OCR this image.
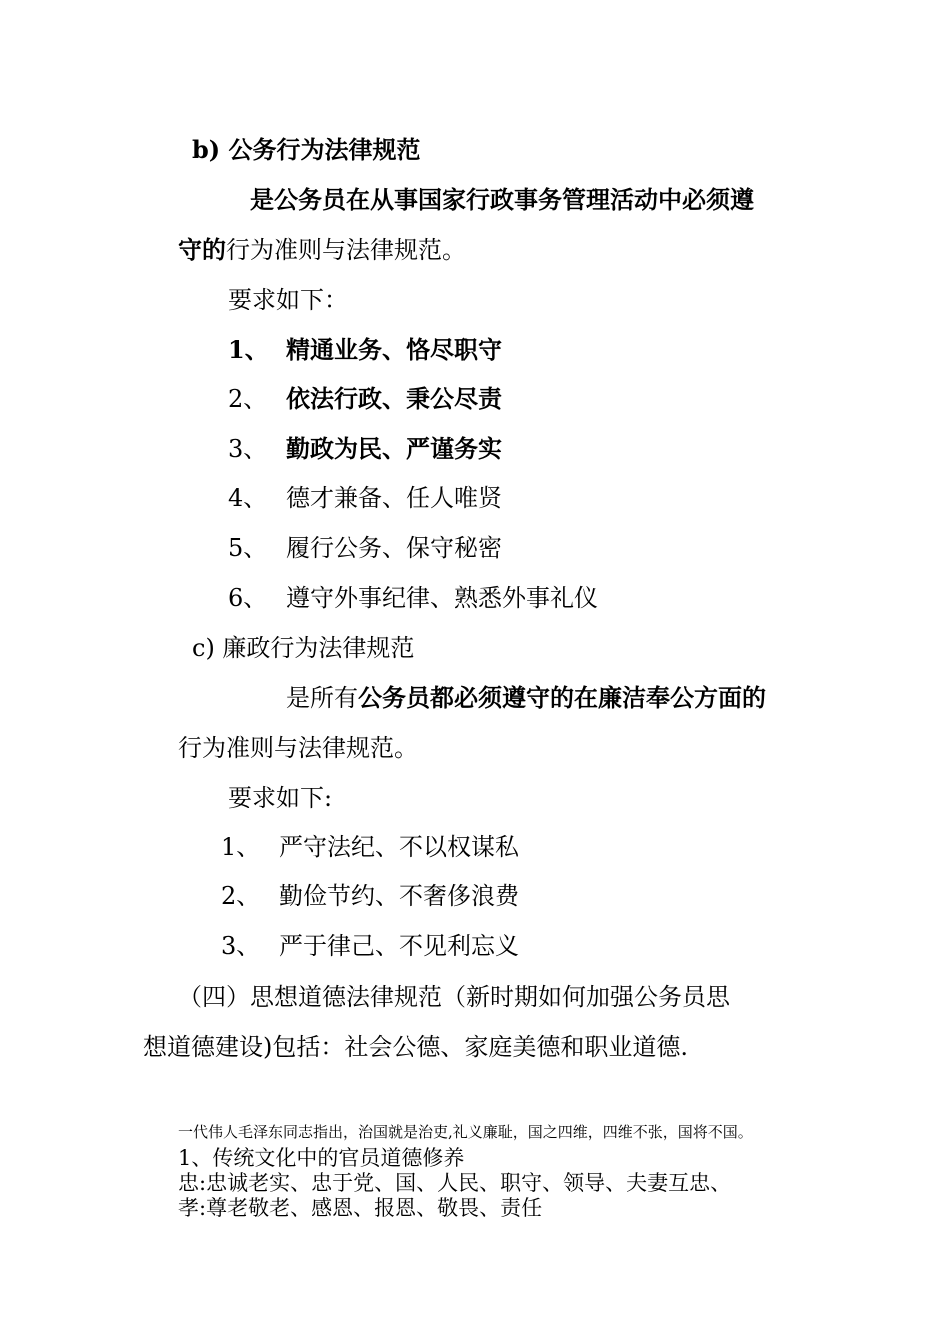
b) 公务行为法律规范
是公务员在从事国家行政事务管理活动中必须遵
守的行为准则与法律规范。
要求如下：
1、 精通业务、恪尽职守
2、 依法行政、秉公尽责
3、 勤政为民、严谨务实
4、 德才兼备、任人唯贤
5、 履行公务、保守秘密
6、 遵守外事纪律、熟悉外事礼仪
c) 廉政行为法律规范
是所有公务员都必须遵守的在廉洁奉公方面的
行为准则与法律规范。
要求如下:
1、 严守法纪、不以权谋私
2、 勤俭节约、不奢侈浪费
3、 严于律己、不见利忘义
（四）思想道德法律规范（新时期如何加强公务员思
想道德建设)包括：社会公德、家庭美德和职业道德.
一代伟人毛泽东同志指出，治国就是治吏,礼义廉耻，国之四维，四维不张，国将不国。
1、传统文化中的官员道德修养
忠:忠诚老实、忠于党、国、人民、职守、领导、夫妻互忠、
孝:尊老敬老、感恩、报恩、敬畏、责任
